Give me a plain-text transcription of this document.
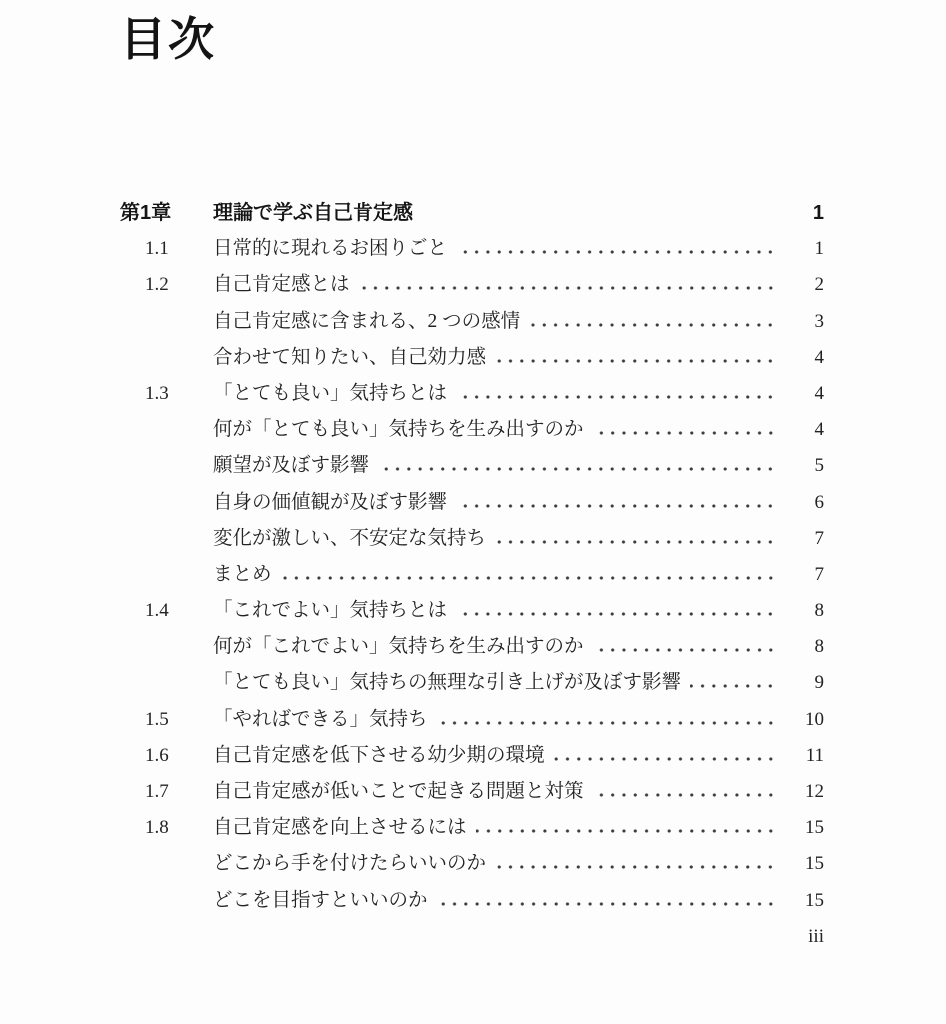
目次
第1章	理論で学ぶ自己肯定感	1
1.1	日常的に現れるお困りごと	1
1.2	自己肯定感とは	2
自己肯定感に含まれる、2 つの感情	3
合わせて知りたい、自己効力感	4
1.3	「とても良い」気持ちとは	4
何が「とても良い」気持ちを生み出すのか	4
願望が及ぼす影響	5
自身の価値観が及ぼす影響	6
変化が激しい、不安定な気持ち	7
まとめ	7
1.4	「これでよい」気持ちとは	8
何が「これでよい」気持ちを生み出すのか	8
「とても良い」気持ちの無理な引き上げが及ぼす影響	9
1.5	「やればできる」気持ち	10
1.6	自己肯定感を低下させる幼少期の環境	11
1.7	自己肯定感が低いことで起きる問題と対策	12
1.8	自己肯定感を向上させるには	15
どこから手を付けたらいいのか	15
どこを目指すといいのか	15
iii
